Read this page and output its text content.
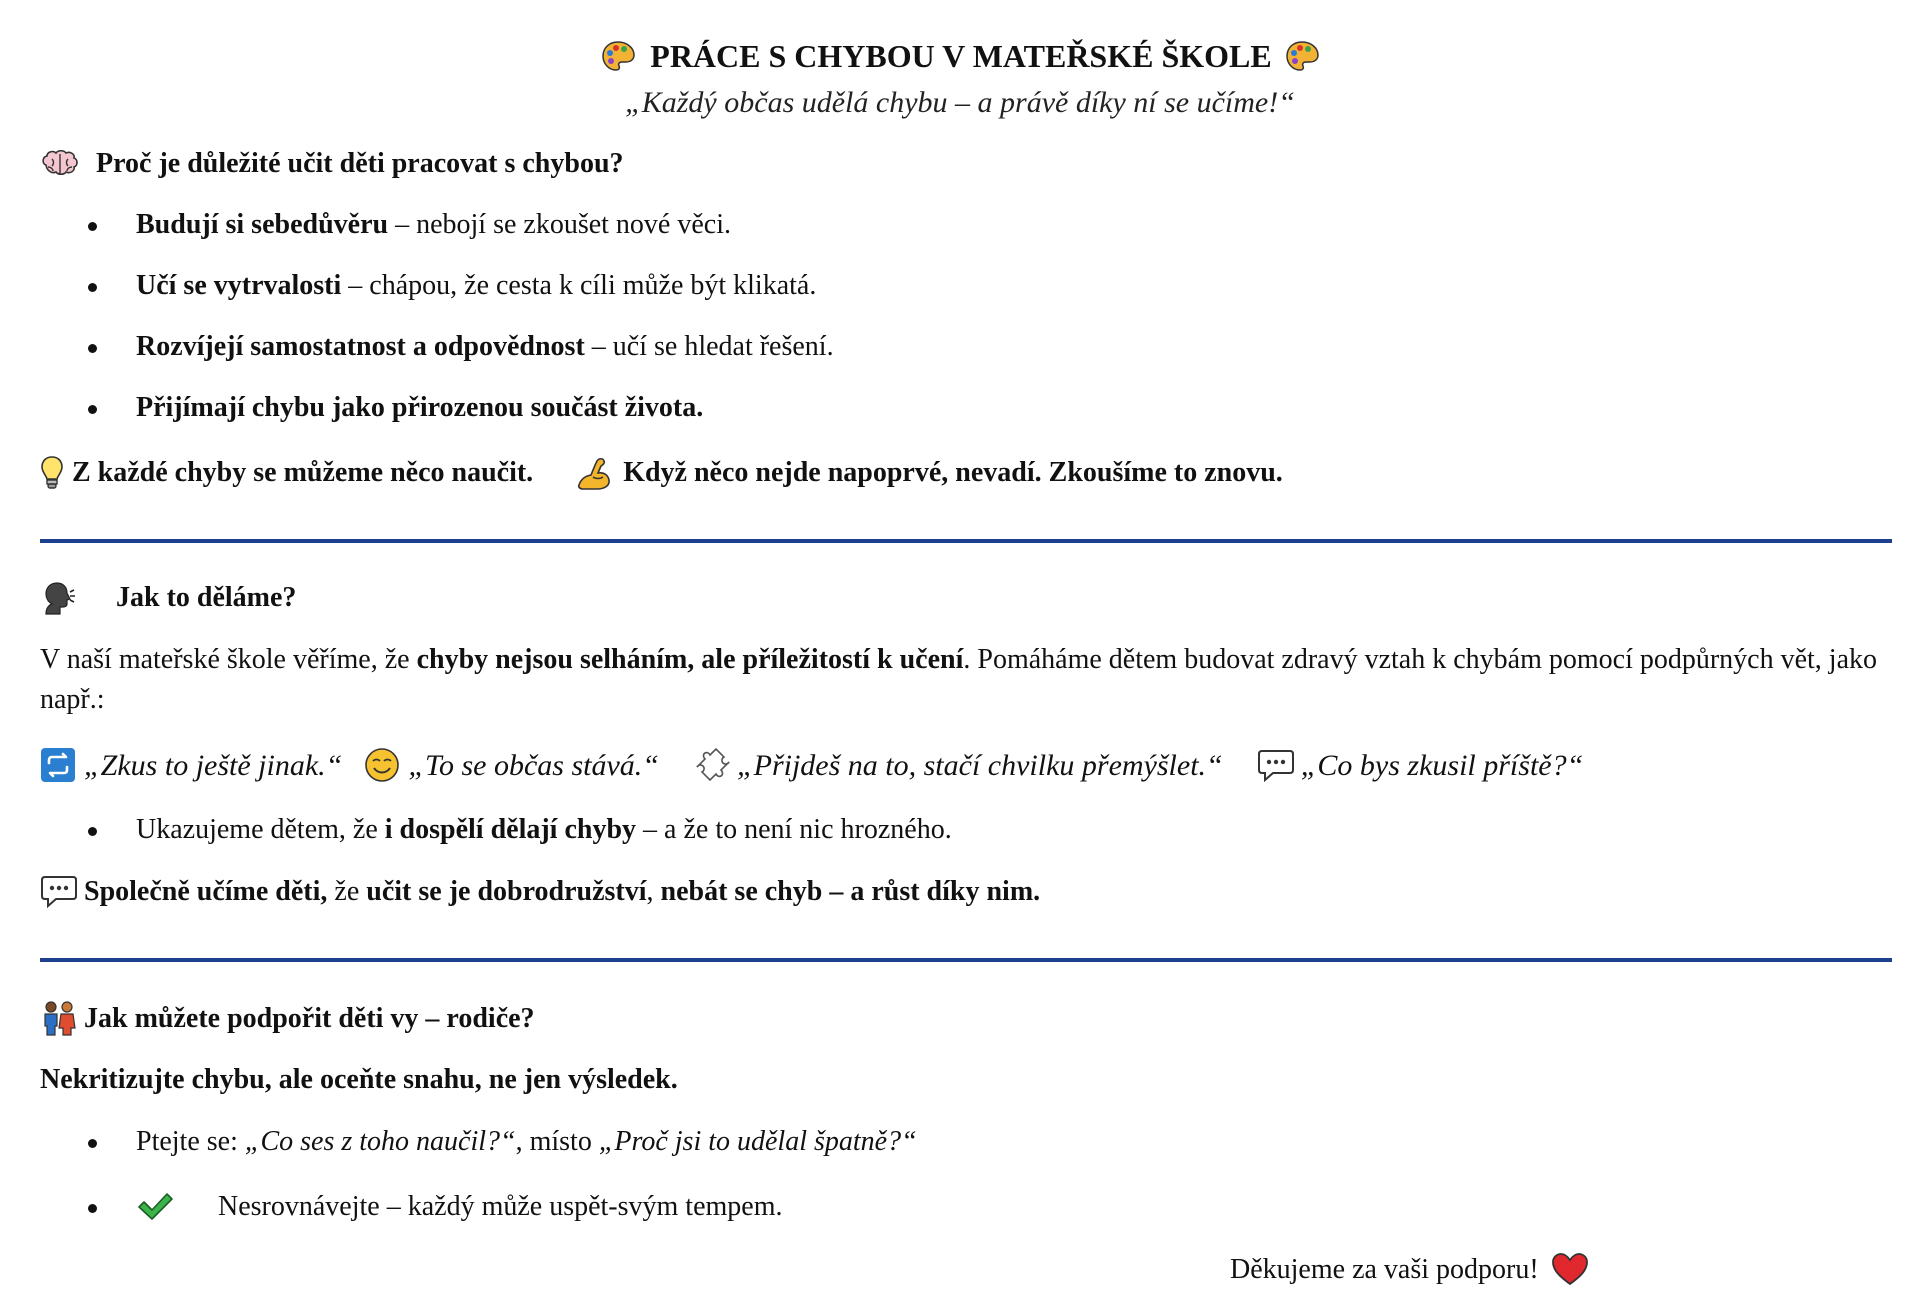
PRÁCE S CHYBOU V MATEŘSKÉ ŠKOLE
„Každý občas udělá chybu – a právě díky ní se učíme!“
Proč je důležité učit děti pracovat s chybou?
Budují si sebedůvěru – nebojí se zkoušet nové věci.
Učí se vytrvalosti – chápou, že cesta k cíli může být klikatá.
Rozvíjejí samostatnost a odpovědnost – učí se hledat řešení.
Přijímají chybu jako přirozenou součást života.
Z každé chyby se můžeme něco naučit.	Když něco nejde napoprvé, nevadí. Zkoušíme to znovu.
Jak to děláme?
V naší mateřské škole věříme, že chyby nejsou selháním, ale příležitostí k učení. Pomáháme dětem budovat zdravý vztah k chybám pomocí podpůrných vět, jako např.:
„Zkus to ještě jinak.“ „To se občas stává.“	„Přijdeš na to, stačí chvilku přemýšlet.“	„Co bys zkusil příště?“
Ukazujeme dětem, že i dospělí dělají chyby – a že to není nic hrozného.
Společně učíme děti, že učit se je dobrodružství, nebát se chyb – a růst díky nim.
Jak můžete podpořit děti vy – rodiče?
Nekritizujte chybu, ale oceňte snahu, ne jen výsledek.
Ptejte se: „Co ses z toho naučil?“, místo „Proč jsi to udělal špatně?“
Nesrovnávejte – každý může uspět-svým tempem.
Děkujeme za vaši podporu!
